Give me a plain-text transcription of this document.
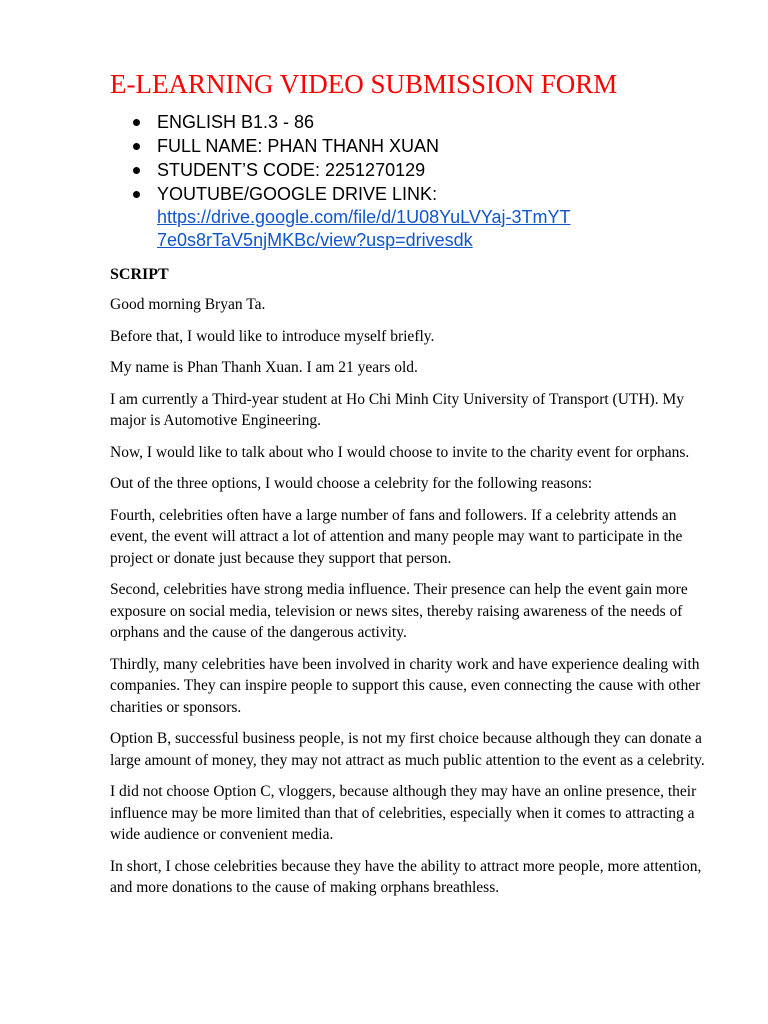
E-LEARNING VIDEO SUBMISSION FORM
ENGLISH B1.3 - 86
FULL NAME: PHAN THANH XUAN
STUDENT’S CODE: 2251270129
YOUTUBE/GOOGLE DRIVE LINK:
https://drive.google.com/file/d/1U08YuLVYaj-3TmYT7e0s8rTaV5njMKBc/view?usp=drivesdk
SCRIPT

Good morning Bryan Ta.

Before that, I would like to introduce myself briefly.

My name is Phan Thanh Xuan. I am 21 years old.

I am currently a Third-year student at Ho Chi Minh City University of Transport (UTH). My major is Automotive Engineering.

Now, I would like to talk about who I would choose to invite to the charity event for orphans.

Out of the three options, I would choose a celebrity for the following reasons:

Fourth, celebrities often have a large number of fans and followers. If a celebrity attends an event, the event will attract a lot of attention and many people may want to participate in the project or donate just because they support that person.

Second, celebrities have strong media influence. Their presence can help the event gain more exposure on social media, television or news sites, thereby raising awareness of the needs of orphans and the cause of the dangerous activity.

Thirdly, many celebrities have been involved in charity work and have experience dealing with companies. They can inspire people to support this cause, even connecting the cause with other charities or sponsors.

Option B, successful business people, is not my first choice because although they can donate a large amount of money, they may not attract as much public attention to the event as a celebrity.

I did not choose Option C, vloggers, because although they may have an online presence, their influence may be more limited than that of celebrities, especially when it comes to attracting a wide audience or convenient media.

In short, I chose celebrities because they have the ability to attract more people, more attention, and more donations to the cause of making orphans breathless.
